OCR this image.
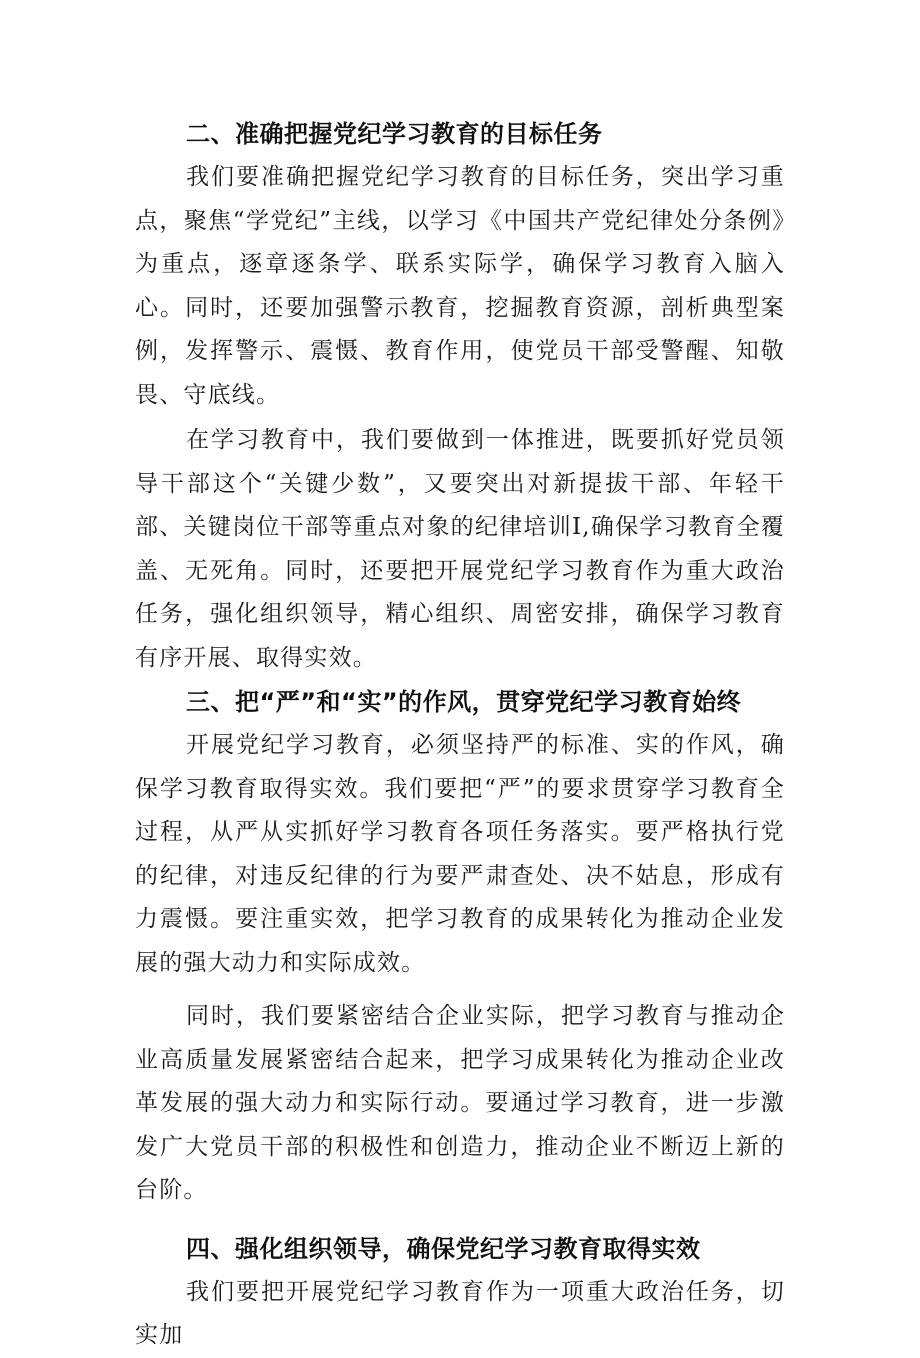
二、准确把握党纪学习教育的目标任务

我们要准确把握党纪学习教育的目标任务，突出学习重点，聚焦“学党纪”主线，以学习《中国共产党纪律处分条例》为重点，逐章逐条学、联系实际学，确保学习教育入脑入心。同时，还要加强警示教育，挖掘教育资源，剖析典型案例，发挥警示、震慑、教育作用，使党员干部受警醒、知敬畏、守底线。

在学习教育中，我们要做到一体推进，既要抓好党员领导干部这个“关键少数”，又要突出对新提拔干部、年轻干部、关键岗位干部等重点对象的纪律培训I,确保学习教育全覆盖、无死角。同时，还要把开展党纪学习教育作为重大政治任务，强化组织领导，精心组织、周密安排，确保学习教育有序开展、取得实效。

三、把“严”和“实”的作风，贯穿党纪学习教育始终

开展党纪学习教育，必须坚持严的标准、实的作风，确保学习教育取得实效。我们要把“严”的要求贯穿学习教育全过程，从严从实抓好学习教育各项任务落实。要严格执行党的纪律，对违反纪律的行为要严肃查处、决不姑息，形成有力震慑。要注重实效，把学习教育的成果转化为推动企业发展的强大动力和实际成效。

同时，我们要紧密结合企业实际，把学习教育与推动企业高质量发展紧密结合起来，把学习成果转化为推动企业改革发展的强大动力和实际行动。要通过学习教育，进一步激发广大党员干部的积极性和创造力，推动企业不断迈上新的台阶。

四、强化组织领导，确保党纪学习教育取得实效

我们要把开展党纪学习教育作为一项重大政治任务，切实加
